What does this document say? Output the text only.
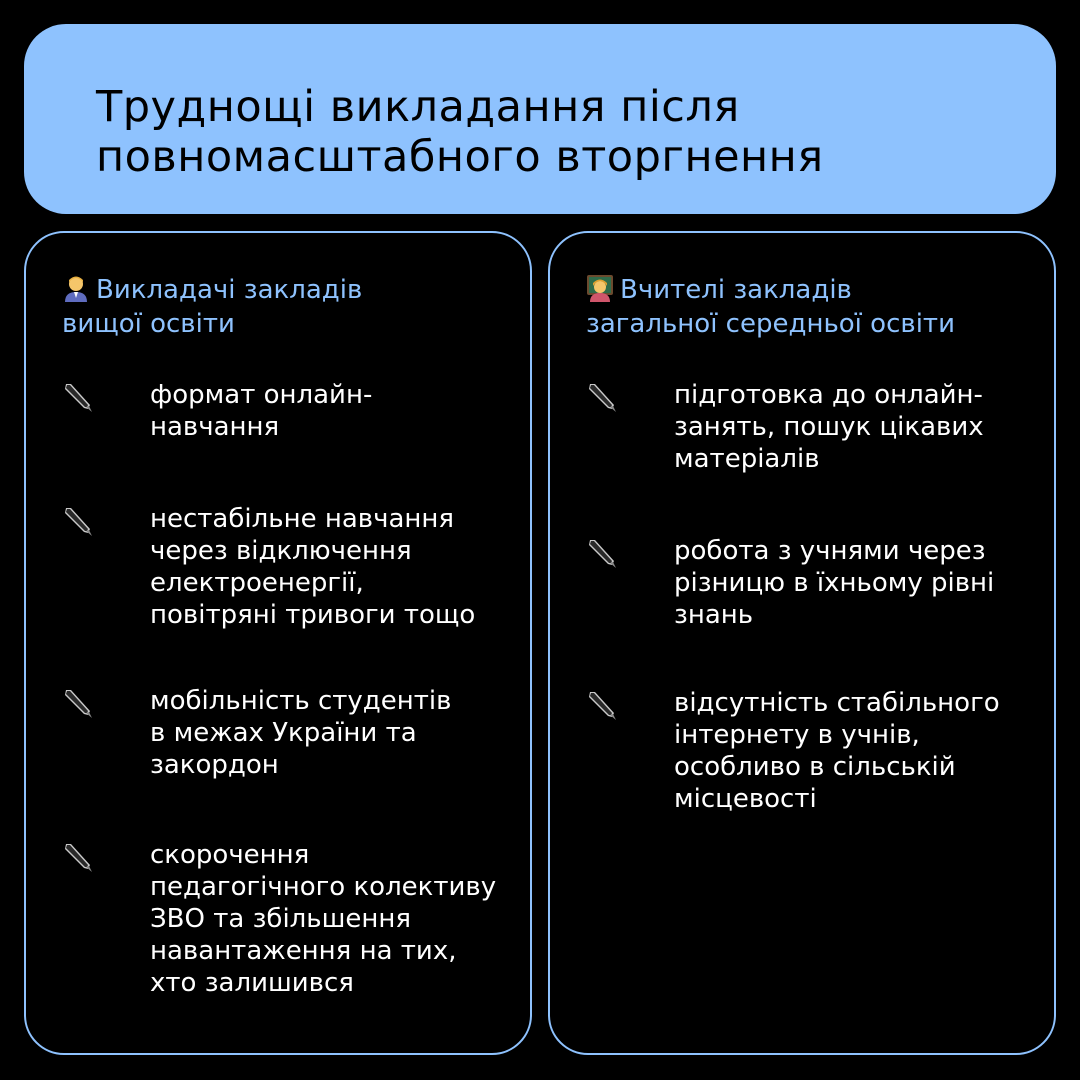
Труднощі викладання після
повномасштабного вторгнення
Викладачі закладів
вищої освіти
формат онлайн-
навчання
нестабільне навчання
через відключення
електроенергії,
повітряні тривоги тощо
мобільність студентів
в межах України та
закордон
скорочення
педагогічного колективу
ЗВО та збільшення
навантаження на тих,
хто залишився
Вчителі закладів
загальної середньої освіти
підготовка до онлайн-
занять, пошук цікавих
матеріалів
робота з учнями через
різницю в їхньому рівні
знань
відсутність стабільного
інтернету в учнів,
особливо в сільській
місцевості
